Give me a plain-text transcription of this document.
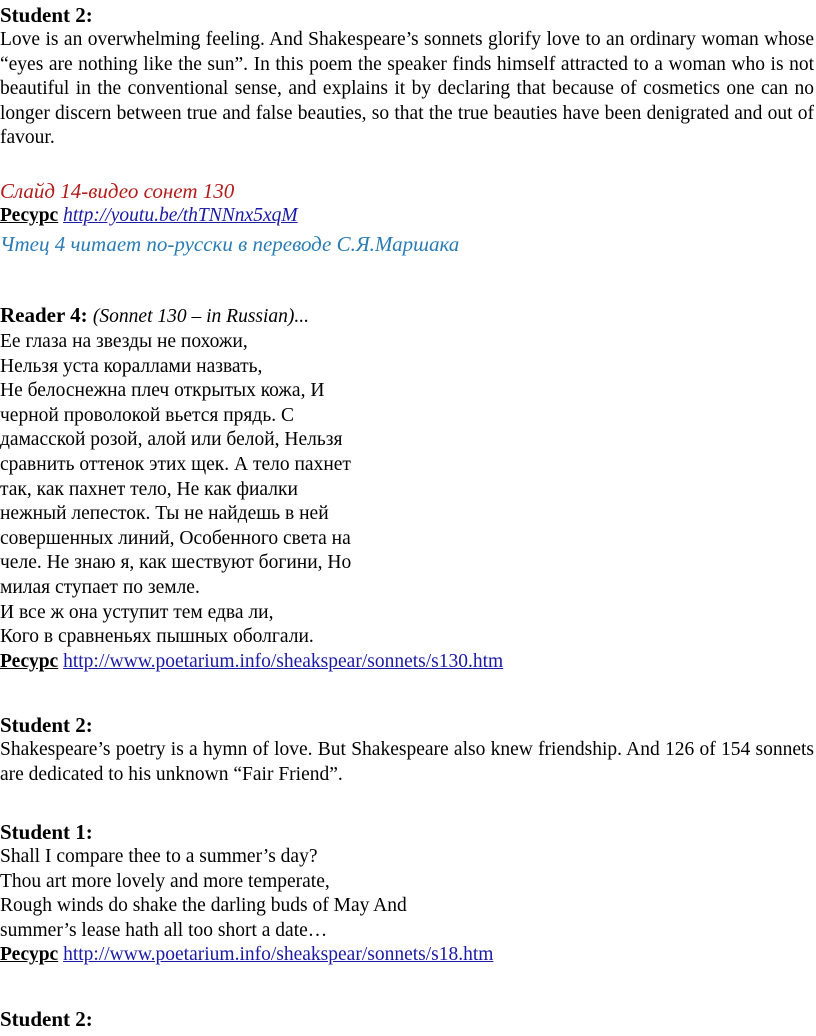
Student 2:

Love is an overwhelming feeling. And Shakespeare’s sonnets glorify love to an ordinary woman whose “eyes are nothing like the sun”. In this poem the speaker finds himself attracted to a woman who is not beautiful in the conventional sense, and explains it by declaring that because of cosmetics one can no longer discern between true and false beauties, so that the true beauties have been denigrated and out of favour.

Слайд 14-видео сонет 130

Ресурс http://youtu.be/thTNNnx5xqM

Чтец 4 читает по-русски в переводе С.Я.Маршака

Reader 4: (Sonnet 130 – in Russian)...

Ее глаза на звезды не похожи,

Нельзя уста кораллами назвать,

Не белоснежна плеч открытых кожа, И

черной проволокой вьется прядь. С

дамасской розой, алой или белой, Нельзя

сравнить оттенок этих щек. А тело пахнет

так, как пахнет тело, Не как фиалки

нежный лепесток. Ты не найдешь в ней

совершенных линий, Особенного света на

челе. Не знаю я, как шествуют богини, Но

милая ступает по земле.

И все ж она уступит тем едва ли,

Кого в сравненьях пышных оболгали.

Ресурс http://www.poetarium.info/sheakspear/sonnets/s130.htm

Student 2:

Shakespeare’s poetry is a hymn of love. But Shakespeare also knew friendship. And 126 of 154 sonnets are dedicated to his unknown “Fair Friend”.

Student 1:

Shall I compare thee to a summer’s day?

Thou art more lovely and more temperate,

Rough winds do shake the darling buds of May And

summer’s lease hath all too short a date…

Ресурс http://www.poetarium.info/sheakspear/sonnets/s18.htm

Student 2:
